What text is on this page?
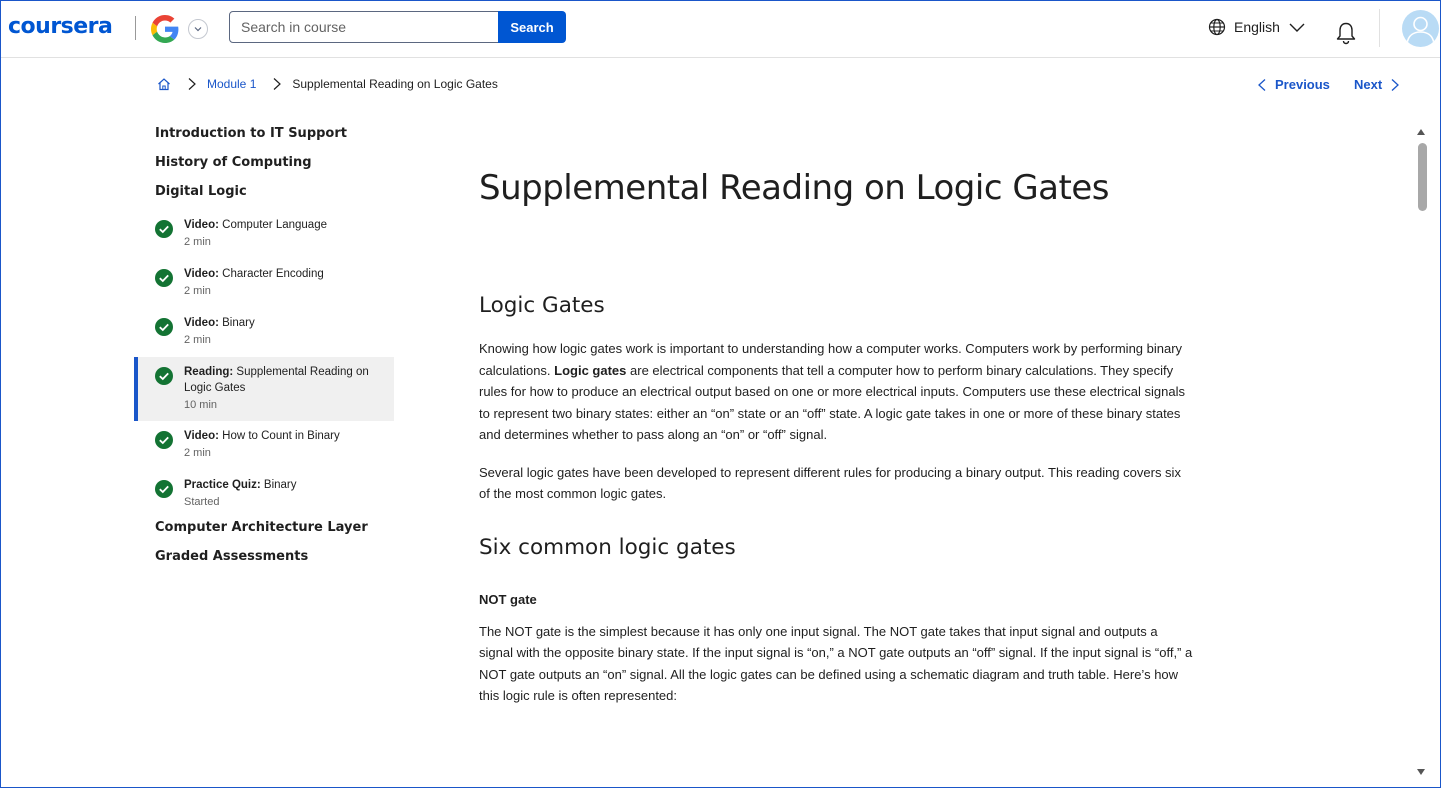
coursera
Search in course	Search	English
Module 1	Supplemental Reading on Logic Gates	Previous Next
Introduction to IT Support
History of Computing
Digital Logic
Video: Computer Language
2 min
Video: Character Encoding
2 min
Video: Binary
2 min
Reading: Supplemental Reading on Logic Gates
10 min
Video: How to Count in Binary
2 min
Practice Quiz: Binary
Started
Computer Architecture Layer
Graded Assessments
Supplemental Reading on Logic Gates
Logic Gates

Knowing how logic gates work is important to understanding how a computer works. Computers work by performing binary calculations. Logic gates are electrical components that tell a computer how to perform binary calculations. They specify rules for how to produce an electrical output based on one or more electrical inputs. Computers use these electrical signals to represent two binary states: either an “on” state or an “off” state. A logic gate takes in one or more of these binary states and determines whether to pass along an “on” or “off” signal.

Several logic gates have been developed to represent different rules for producing a binary output. This reading covers six of the most common logic gates.

Six common logic gates
NOT gate

The NOT gate is the simplest because it has only one input signal. The NOT gate takes that input signal and outputs a signal with the opposite binary state. If the input signal is “on,” a NOT gate outputs an “off” signal. If the input signal is “off,” a NOT gate outputs an “on” signal. All the logic gates can be defined using a schematic diagram and truth table. Here’s how this logic rule is often represented:
